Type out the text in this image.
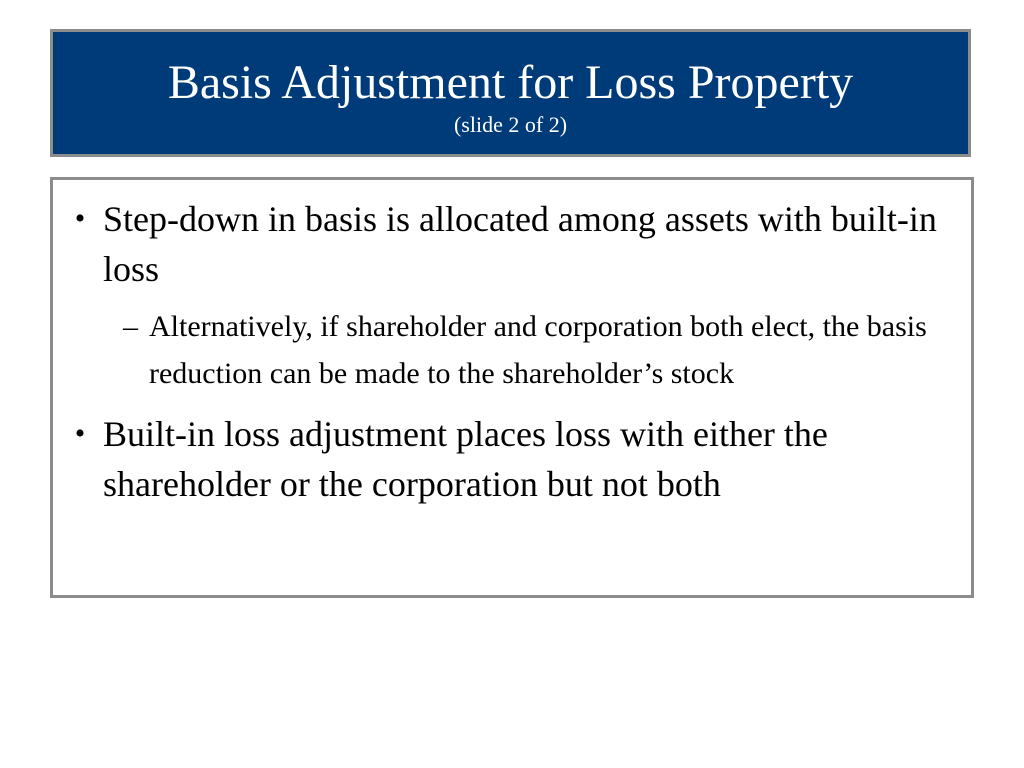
Basis Adjustment for Loss Property
(slide 2 of 2)
• Step-down in basis is allocated among assets with built-in loss
– Alternatively, if shareholder and corporation both elect, the basis reduction can be made to the shareholder’s stock
• Built-in loss adjustment places loss with either the shareholder or the corporation but not both
